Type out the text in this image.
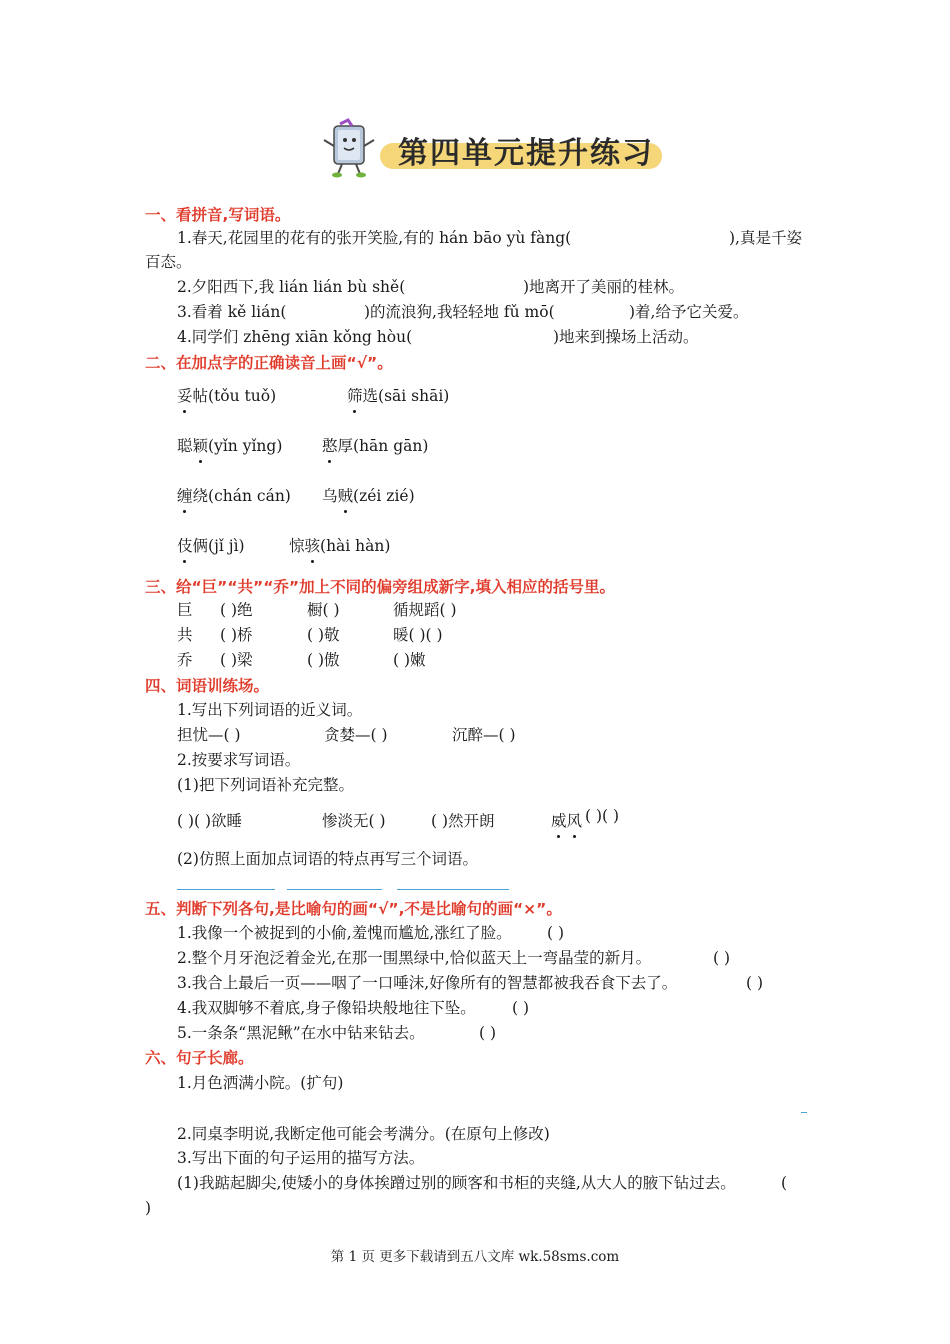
第四单元提升练习
一、看拼音,写词语。
1.春天,花园里的花有的张开笑脸,有的 hán bāo yù fàng(	),真是千姿
百态。
2.夕阳西下,我 lián lián bù shě(	)地离开了美丽的桂林。
3.看着 kě lián(	)的流浪狗,我轻轻地 fǔ mō(	)着,给予它关爱。
4.同学们 zhēng xiān kǒng hòu(	)地来到操场上活动。
二、在加点字的正确读音上画“√”。
妥帖(tǒu tuǒ)	筛选(sāi shāi)
聪颖(yǐn yǐng)	憨厚(hān gān)
缠绕(chán cán) 乌贼(zéi zié)
伎俩(jǐ jì)	惊骇(hài hàn)
三、给“巨”“共”“乔”加上不同的偏旁组成新字,填入相应的括号里。
巨 ( )绝	橱( )	循规蹈( )
共 ( )桥	( )敬	暖( )( )
乔 ( )梁	( )傲	( )嫩
四、词语训练场。
1.写出下列词语的近义词。
担忧—( )	贪婪—( )	沉醉—( )
2.按要求写词语。
(1)把下列词语补充完整。
( )( )欲睡	惨淡无( )	( )然开朗	威风 ( )( )
(2)仿照上面加点词语的特点再写三个词语。
五、判断下列各句,是比喻句的画“√”,不是比喻句的画“×”。
1.我像一个被捉到的小偷,羞愧而尴尬,涨红了脸。 ( )
2.整个月牙泡泛着金光,在那一围黑绿中,恰似蓝天上一弯晶莹的新月。	( )
3.我合上最后一页——咽了一口唾沫,好像所有的智慧都被我吞食下去了。	( )
4.我双脚够不着底,身子像铅块般地往下坠。 ( )
5.一条条“黑泥鳅”在水中钻来钻去。	( )
六、句子长廊。
1.月色洒满小院。(扩句)
2.同桌李明说,我断定他可能会考满分。(在原句上修改)
3.写出下面的句子运用的描写方法。
(1)我踮起脚尖,使矮小的身体挨蹭过别的顾客和书柜的夹缝,从大人的腋下钻过去。	(
)
第 1 页 更多下载请到五八文库 wk.58sms.com
